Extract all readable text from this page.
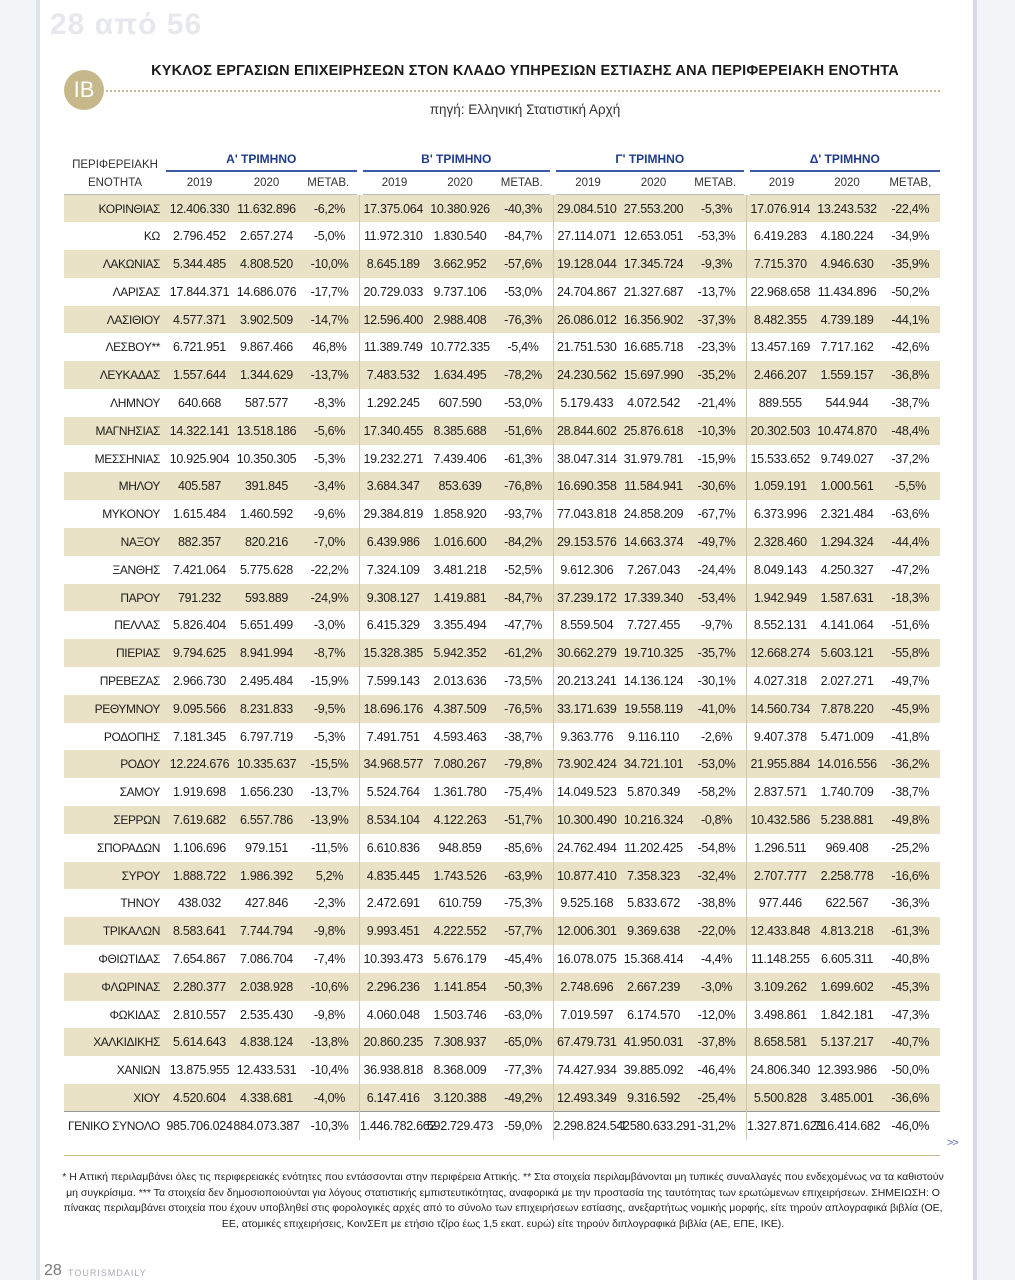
28 από 56
ΙΒ
ΚΥΚΛΟΣ ΕΡΓΑΣΙΩΝ ΕΠΙΧΕΙΡΗΣΕΩΝ ΣΤΟΝ ΚΛΑΔΟ ΥΠΗΡΕΣΙΩΝ ΕΣΤΙΑΣΗΣ ΑΝΑ ΠΕΡΙΦΕΡΕΙΑΚΗ ΕΝΟΤΗΤΑ
πηγή: Ελληνική Στατιστική Αρχή
ΠΕΡΙΦΕΡΕΙΑΚΗ	Α' ΤΡΙΜΗΝΟ			Β' ΤΡΙΜΗΝΟ			Γ' ΤΡΙΜΗΝΟ			Δ' ΤΡΙΜΗΝΟ		
ΕΝΟΤΗΤΑ	2019	2020	ΜΕΤΑΒ.	2019	2020	ΜΕΤΑΒ.	2019	2020	ΜΕΤΑΒ.	2019	2020	ΜΕΤΑΒ,
ΚΟΡΙΝΘΙΑΣ	12.406.330	11.632.896	-6,2%	17.375.064	10.380.926	-40,3%	29.084.510	27.553.200	-5,3%	17.076.914	13.243.532	-22,4%
ΚΩ	2.796.452	2.657.274	-5,0%	11.972.310	1.830.540	-84,7%	27.114.071	12.653.051	-53,3%	6.419.283	4.180.224	-34,9%
ΛΑΚΩΝΙΑΣ	5.344.485	4.808.520	-10,0%	8.645.189	3.662.952	-57,6%	19.128.044	17.345.724	-9,3%	7.715.370	4.946.630	-35,9%
ΛΑΡΙΣΑΣ	17.844.371	14.686.076	-17,7%	20.729.033	9.737.106	-53,0%	24.704.867	21.327.687	-13,7%	22.968.658	11.434.896	-50,2%
ΛΑΣΙΘΙΟΥ	4.577.371	3.902.509	-14,7%	12.596.400	2.988.408	-76,3%	26.086.012	16.356.902	-37,3%	8.482.355	4.739.189	-44,1%
ΛΕΣΒΟΥ**	6.721.951	9.867.466	46,8%	11.389.749	10.772.335	-5,4%	21.751.530	16.685.718	-23,3%	13.457.169	7.717.162	-42,6%
ΛΕΥΚΑΔΑΣ	1.557.644	1.344.629	-13,7%	7.483.532	1.634.495	-78,2%	24.230.562	15.697.990	-35,2%	2.466.207	1.559.157	-36,8%
ΛΗΜΝΟΥ	640.668	587.577	-8,3%	1.292.245	607.590	-53,0%	5.179.433	4.072.542	-21,4%	889.555	544.944	-38,7%
ΜΑΓΝΗΣΙΑΣ	14.322.141	13.518.186	-5,6%	17.340.455	8.385.688	-51,6%	28.844.602	25.876.618	-10,3%	20.302.503	10.474.870	-48,4%
ΜΕΣΣΗΝΙΑΣ	10.925.904	10.350.305	-5,3%	19.232.271	7.439.406	-61,3%	38.047.314	31.979.781	-15,9%	15.533.652	9.749.027	-37,2%
ΜΗΛΟΥ	405.587	391.845	-3,4%	3.684.347	853.639	-76,8%	16.690.358	11.584.941	-30,6%	1.059.191	1.000.561	-5,5%
ΜΥΚΟΝΟΥ	1.615.484	1.460.592	-9,6%	29.384.819	1.858.920	-93,7%	77.043.818	24.858.209	-67,7%	6.373.996	2.321.484	-63,6%
ΝΑΞΟΥ	882.357	820.216	-7,0%	6.439.986	1.016.600	-84,2%	29.153.576	14.663.374	-49,7%	2.328.460	1.294.324	-44,4%
ΞΑΝΘΗΣ	7.421.064	5.775.628	-22,2%	7.324.109	3.481.218	-52,5%	9.612.306	7.267.043	-24,4%	8.049.143	4.250.327	-47,2%
ΠΑΡΟΥ	791.232	593.889	-24,9%	9.308.127	1.419.881	-84,7%	37.239.172	17.339.340	-53,4%	1.942.949	1.587.631	-18,3%
ΠΕΛΛΑΣ	5.826.404	5.651.499	-3,0%	6.415.329	3.355.494	-47,7%	8.559.504	7.727.455	-9,7%	8.552.131	4.141.064	-51,6%
ΠΙΕΡΙΑΣ	9.794.625	8.941.994	-8,7%	15.328.385	5.942.352	-61,2%	30.662.279	19.710.325	-35,7%	12.668.274	5.603.121	-55,8%
ΠΡΕΒΕΖΑΣ	2.966.730	2.495.484	-15,9%	7.599.143	2.013.636	-73,5%	20.213.241	14.136.124	-30,1%	4.027.318	2.027.271	-49,7%
ΡΕΘΥΜΝΟΥ	9.095.566	8.231.833	-9,5%	18.696.176	4.387.509	-76,5%	33.171.639	19.558.119	-41,0%	14.560.734	7.878.220	-45,9%
ΡΟΔΟΠΗΣ	7.181.345	6.797.719	-5,3%	7.491.751	4.593.463	-38,7%	9.363.776	9.116.110	-2,6%	9.407.378	5.471.009	-41,8%
ΡΟΔΟΥ	12.224.676	10.335.637	-15,5%	34.968.577	7.080.267	-79,8%	73.902.424	34.721.101	-53,0%	21.955.884	14.016.556	-36,2%
ΣΑΜΟΥ	1.919.698	1.656.230	-13,7%	5.524.764	1.361.780	-75,4%	14.049.523	5.870.349	-58,2%	2.837.571	1.740.709	-38,7%
ΣΕΡΡΩΝ	7.619.682	6.557.786	-13,9%	8.534.104	4.122.263	-51,7%	10.300.490	10.216.324	-0,8%	10.432.586	5.238.881	-49,8%
ΣΠΟΡΑΔΩΝ	1.106.696	979.151	-11,5%	6.610.836	948.859	-85,6%	24.762.494	11.202.425	-54,8%	1.296.511	969.408	-25,2%
ΣΥΡΟΥ	1.888.722	1.986.392	5,2%	4.835.445	1.743.526	-63,9%	10.877.410	7.358.323	-32,4%	2.707.777	2.258.778	-16,6%
ΤΗΝΟΥ	438.032	427.846	-2,3%	2.472.691	610.759	-75,3%	9.525.168	5.833.672	-38,8%	977.446	622.567	-36,3%
ΤΡΙΚΑΛΩΝ	8.583.641	7.744.794	-9,8%	9.993.451	4.222.552	-57,7%	12.006.301	9.369.638	-22,0%	12.433.848	4.813.218	-61,3%
ΦΘΙΩΤΙΔΑΣ	7.654.867	7.086.704	-7,4%	10.393.473	5.676.179	-45,4%	16.078.075	15.368.414	-4,4%	11.148.255	6.605.311	-40,8%
ΦΛΩΡΙΝΑΣ	2.280.377	2.038.928	-10,6%	2.296.236	1.141.854	-50,3%	2.748.696	2.667.239	-3,0%	3.109.262	1.699.602	-45,3%
ΦΩΚΙΔΑΣ	2.810.557	2.535.430	-9,8%	4.060.048	1.503.746	-63,0%	7.019.597	6.174.570	-12,0%	3.498.861	1.842.181	-47,3%
ΧΑΛΚΙΔΙΚΗΣ	5.614.643	4.838.124	-13,8%	20.860.235	7.308.937	-65,0%	67.479.731	41.950.031	-37,8%	8.658.581	5.137.217	-40,7%
ΧΑΝΙΩΝ	13.875.955	12.433.531	-10,4%	36.938.818	8.368.009	-77,3%	74.427.934	39.885.092	-46,4%	24.806.340	12.393.986	-50,0%
ΧΙΟΥ	4.520.604	4.338.681	-4,0%	6.147.416	3.120.388	-49,2%	12.493.349	9.316.592	-25,4%	5.500.828	3.485.001	-36,6%
ΓΕΝΙΚΟ ΣΥΝΟΛΟ	985.706.024	884.073.387	-10,3%	1.446.782.662	592.729.473	-59,0%	2.298.824.542	1.580.633.291	-31,2%	1.327.871.623	716.414.682	-46,0%
>>
* Η Αττική περιλαμβάνει όλες τις περιφερειακές ενότητες που εντάσσονται στην περιφέρεια Αττικής. ** Στα στοιχεία περιλαμβάνονται μη τυπικές συναλλαγές που ενδεχομένως να τα καθιστούν μη συγκρίσιμα. *** Τα στοιχεία δεν δημοσιοποιούνται για λόγους στατιστικής εμπιστευτικότητας, αναφορικά με την προστασία της ταυτότητας των ερωτώμενων επιχειρήσεων. ΣΗΜΕΙΩΣΗ: Ο πίνακας περιλαμβάνει στοιχεία που έχουν υποβληθεί στις φορολογικές αρχές από το σύνολο των επιχειρήσεων εστίασης, ανεξαρτήτως νομικής μορφής, είτε τηρούν απλογραφικά βιβλία (ΟΕ, ΕΕ, ατομικές επιχειρήσεις, ΚοινΣΕπ με ετήσιο τζίρο έως 1,5 εκατ. ευρώ) είτε τηρούν διπλογραφικά βιβλία (ΑΕ, ΕΠΕ, ΙΚΕ).
28 TOURISMDAILY
